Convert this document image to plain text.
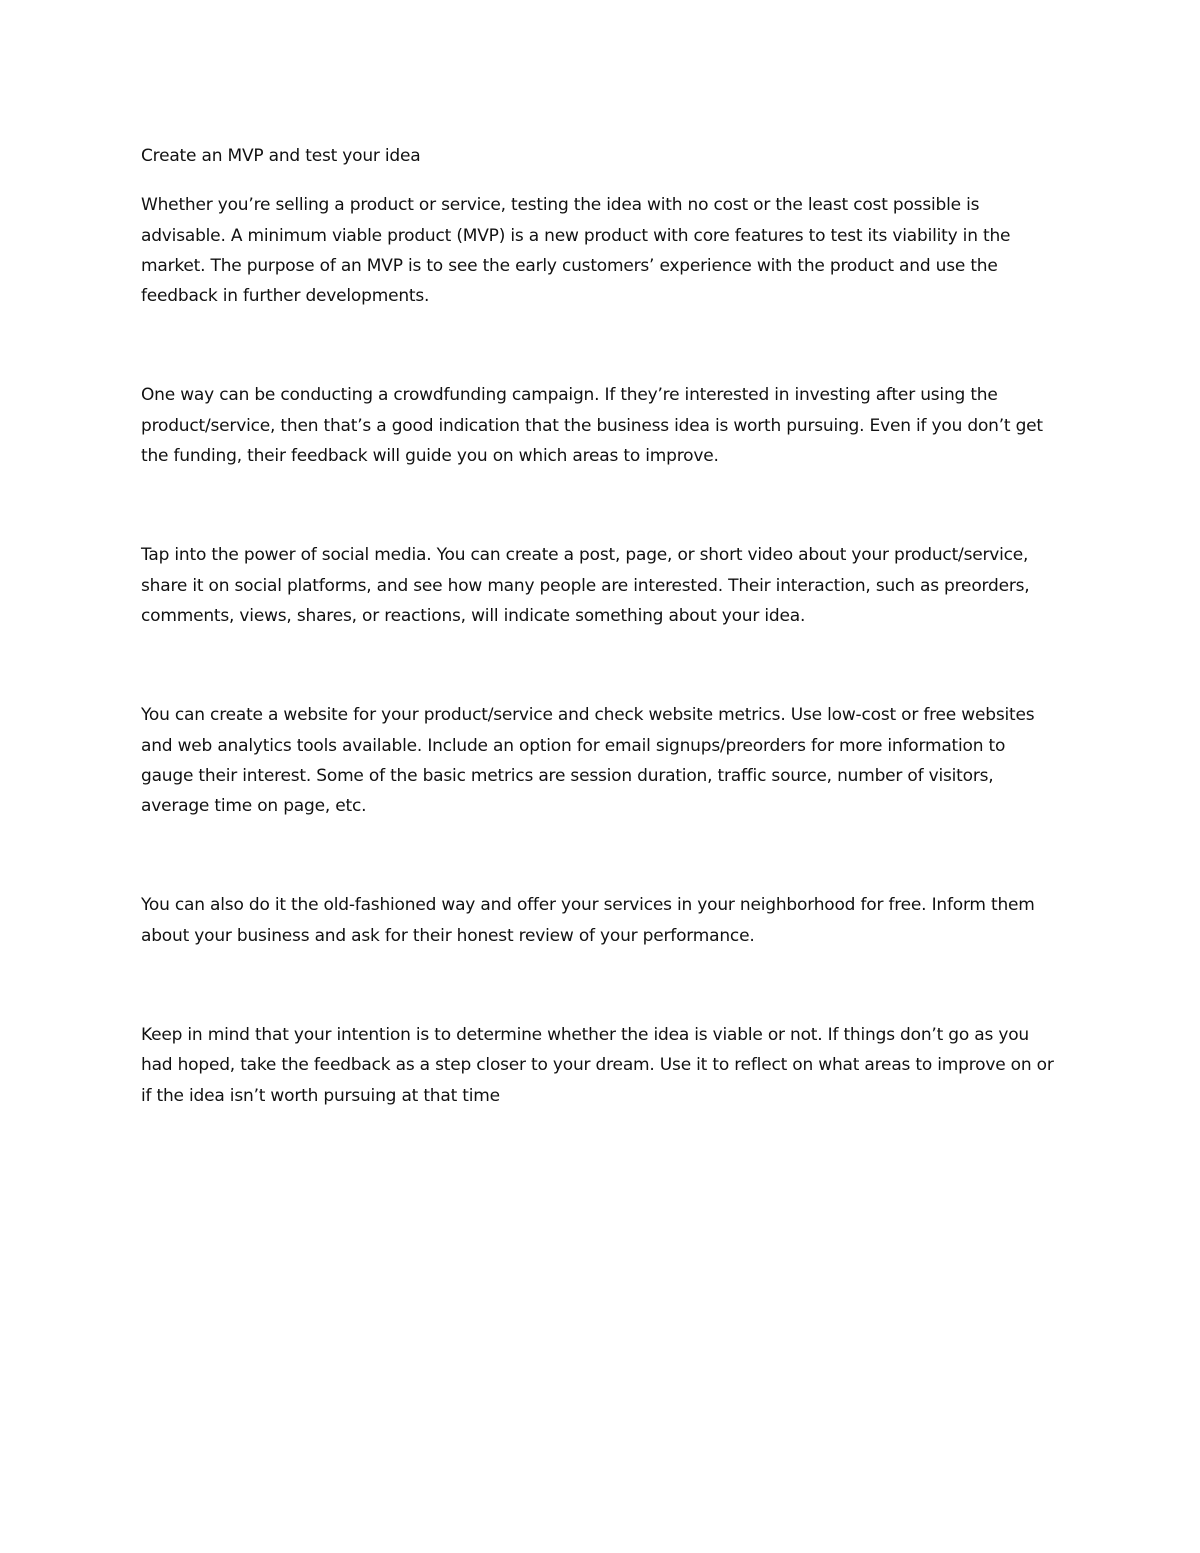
Create an MVP and test your idea

Whether you’re selling a product or service, testing the idea with no cost or the least cost possible is advisable. A minimum viable product (MVP) is a new product with core features to test its viability in the market. The purpose of an MVP is to see the early customers’ experience with the product and use the feedback in further developments.

One way can be conducting a crowdfunding campaign. If they’re interested in investing after using the product/service, then that’s a good indication that the business idea is worth pursuing. Even if you don’t get the funding, their feedback will guide you on which areas to improve.

Tap into the power of social media. You can create a post, page, or short video about your product/service, share it on social platforms, and see how many people are interested. Their interaction, such as preorders, comments, views, shares, or reactions, will indicate something about your idea.

You can create a website for your product/service and check website metrics. Use low-cost or free websites and web analytics tools available. Include an option for email signups/preorders for more information to gauge their interest. Some of the basic metrics are session duration, traffic source, number of visitors, average time on page, etc.

You can also do it the old-fashioned way and offer your services in your neighborhood for free. Inform them about your business and ask for their honest review of your performance.

Keep in mind that your intention is to determine whether the idea is viable or not. If things don’t go as you had hoped, take the feedback as a step closer to your dream. Use it to reflect on what areas to improve on or if the idea isn’t worth pursuing at that time
